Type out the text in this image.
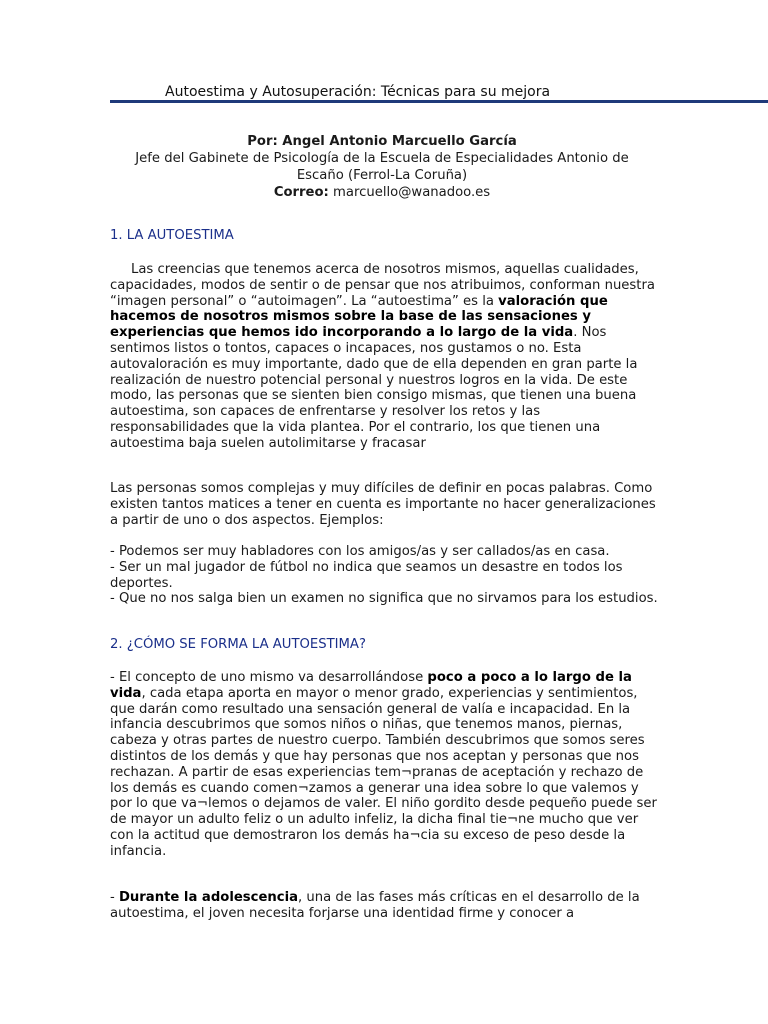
Autoestima y Autosuperación: Técnicas para su mejora
Por: Angel Antonio Marcuello García
Jefe del Gabinete de Psicología de la Escuela de Especialidades Antonio de Escaño (Ferrol-La Coruña)
Correo: marcuello@wanadoo.es
1. LA AUTOESTIMA
Las creencias que tenemos acerca de nosotros mismos, aquellas cualidades, capacidades, modos de sentir o de pensar que nos atribuimos, conforman nuestra “imagen personal” o “autoimagen”. La “autoestima” es la valoración que hacemos de nosotros mismos sobre la base de las sensaciones y experiencias que hemos ido incorporando a lo largo de la vida. Nos sentimos listos o tontos, capaces o incapaces, nos gustamos o no. Esta autovaloración es muy importante, dado que de ella dependen en gran parte la realización de nuestro potencial personal y nuestros logros en la vida. De este modo, las personas que se sienten bien consigo mismas, que tienen una buena autoestima, son capaces de enfrentarse y resolver los retos y las responsabilidades que la vida plantea. Por el contrario, los que tienen una autoestima baja suelen autolimitarse y fracasar
Las personas somos complejas y muy difíciles de definir en pocas palabras. Como existen tantos matices a tener en cuenta es importante no hacer generalizaciones a partir de uno o dos aspectos. Ejemplos:
- Podemos ser muy habladores con los amigos/as y ser callados/as en casa.
- Ser un mal jugador de fútbol no indica que seamos un desastre en todos los deportes.
- Que no nos salga bien un examen no significa que no sirvamos para los estudios.
2. ¿CÓMO SE FORMA LA AUTOESTIMA?
- El concepto de uno mismo va desarrollándose poco a poco a lo largo de la vida, cada etapa aporta en mayor o menor grado, experiencias y sentimientos, que darán como resultado una sensación general de valía e incapacidad. En la infancia descubrimos que somos niños o niñas, que tenemos manos, piernas, cabeza y otras partes de nuestro cuerpo. También descubrimos que somos seres distintos de los demás y que hay personas que nos aceptan y personas que nos rechazan. A partir de esas experiencias tem¬pranas de aceptación y rechazo de los demás es cuando comen¬zamos a generar una idea sobre lo que valemos y por lo que va¬lemos o dejamos de valer. El niño gordito desde pequeño puede ser de mayor un adulto feliz o un adulto infeliz, la dicha final tie¬ne mucho que ver con la actitud que demostraron los demás ha¬cia su exceso de peso desde la infancia.
- Durante la adolescencia, una de las fases más críticas en el desarrollo de la autoestima, el joven necesita forjarse una identidad firme y conocer a
